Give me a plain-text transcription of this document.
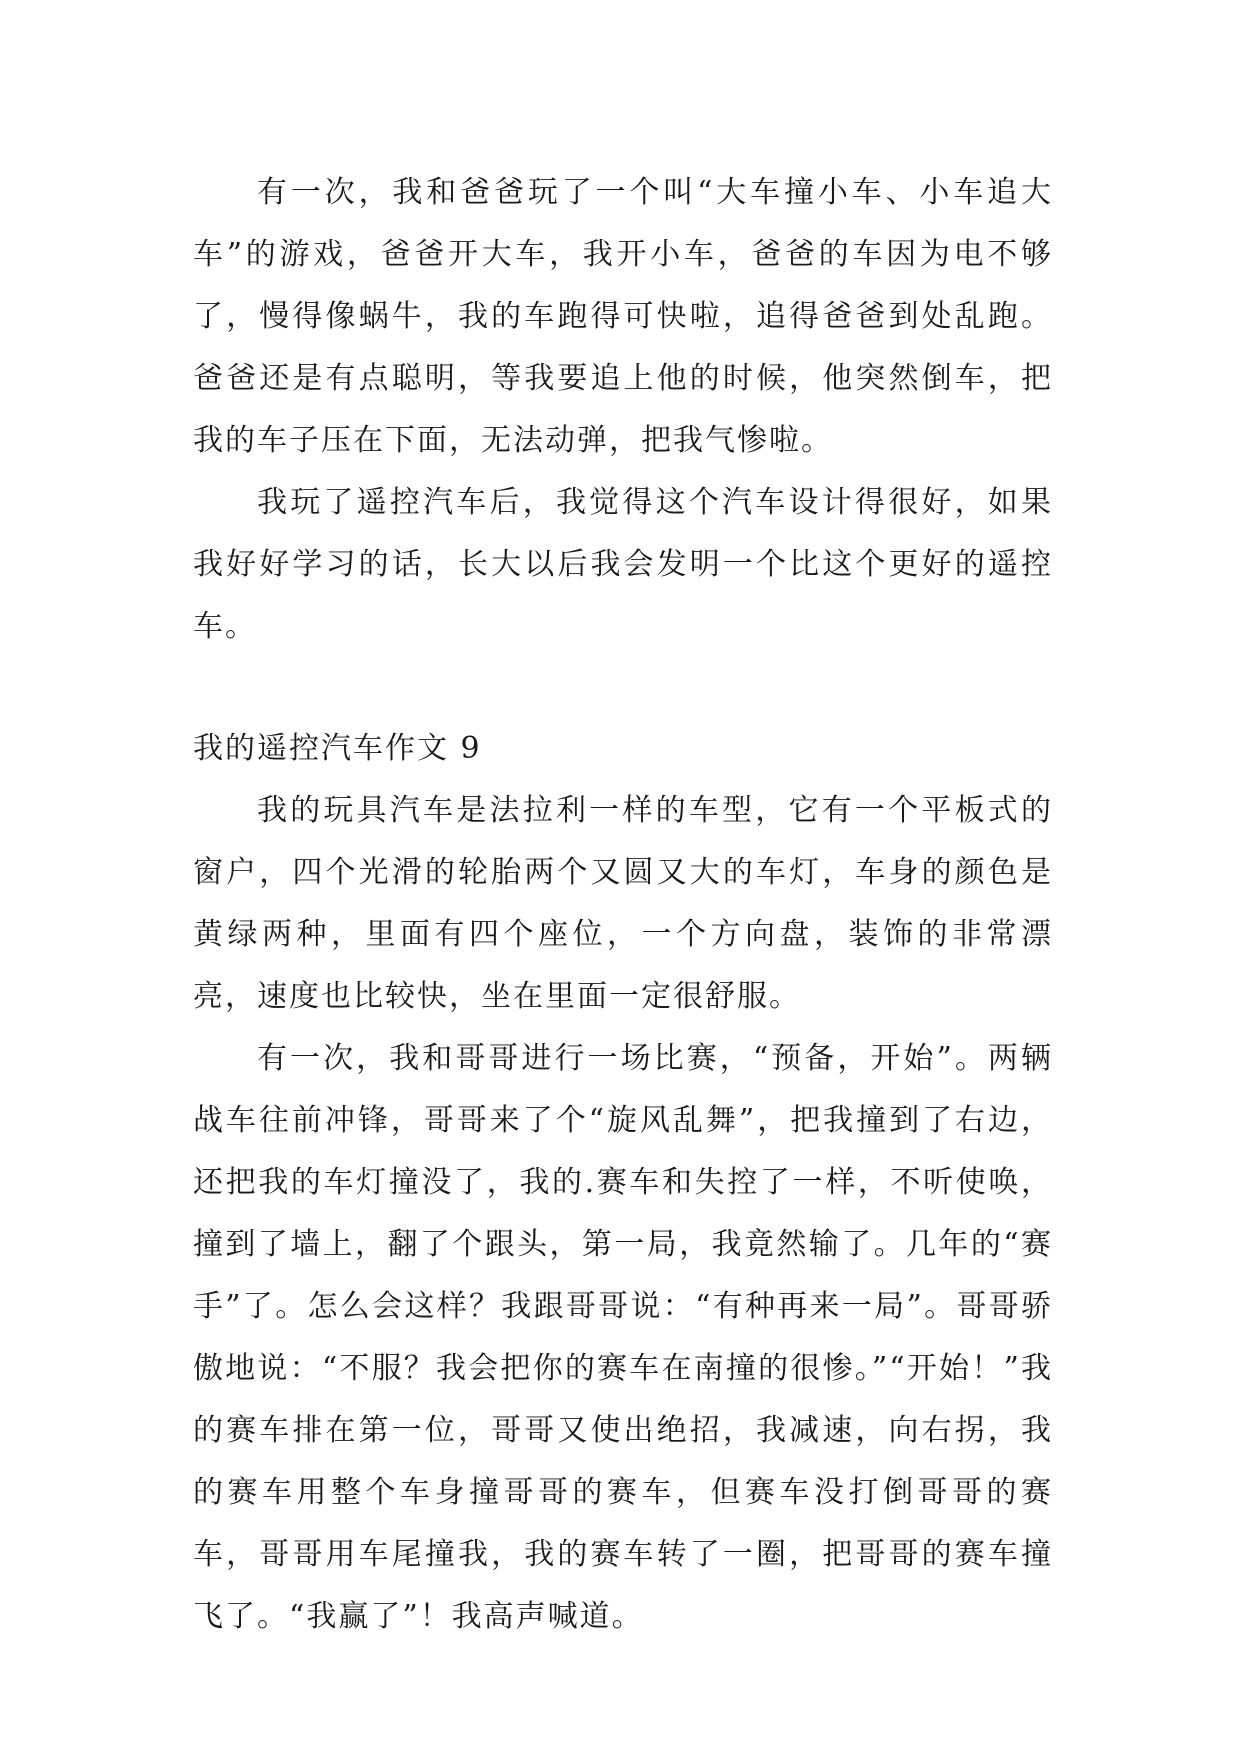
有一次，我和爸爸玩了一个叫“大车撞小车、小车追大车”的游戏，爸爸开大车，我开小车，爸爸的车因为电不够了，慢得像蜗牛，我的车跑得可快啦，追得爸爸到处乱跑。爸爸还是有点聪明，等我要追上他的时候，他突然倒车，把我的车子压在下面，无法动弹，把我气惨啦。

我玩了遥控汽车后，我觉得这个汽车设计得很好，如果我好好学习的话，长大以后我会发明一个比这个更好的遥控车。

我的遥控汽车作文 9

我的玩具汽车是法拉利一样的车型，它有一个平板式的窗户，四个光滑的轮胎两个又圆又大的车灯，车身的颜色是黄绿两种，里面有四个座位，一个方向盘，装饰的非常漂亮，速度也比较快，坐在里面一定很舒服。

有一次，我和哥哥进行一场比赛，“预备，开始”。两辆战车往前冲锋，哥哥来了个“旋风乱舞”，把我撞到了右边，还把我的车灯撞没了，我的.赛车和失控了一样，不听使唤，撞到了墙上，翻了个跟头，第一局，我竟然输了。几年的“赛手”了。怎么会这样？我跟哥哥说：“有种再来一局”。哥哥骄傲地说：“不服？我会把你的赛车在南撞的很惨。”“开始！”我的赛车排在第一位，哥哥又使出绝招，我减速，向右拐，我的赛车用整个车身撞哥哥的赛车，但赛车没打倒哥哥的赛车，哥哥用车尾撞我，我的赛车转了一圈，把哥哥的赛车撞飞了。“我赢了”！我高声喊道。
